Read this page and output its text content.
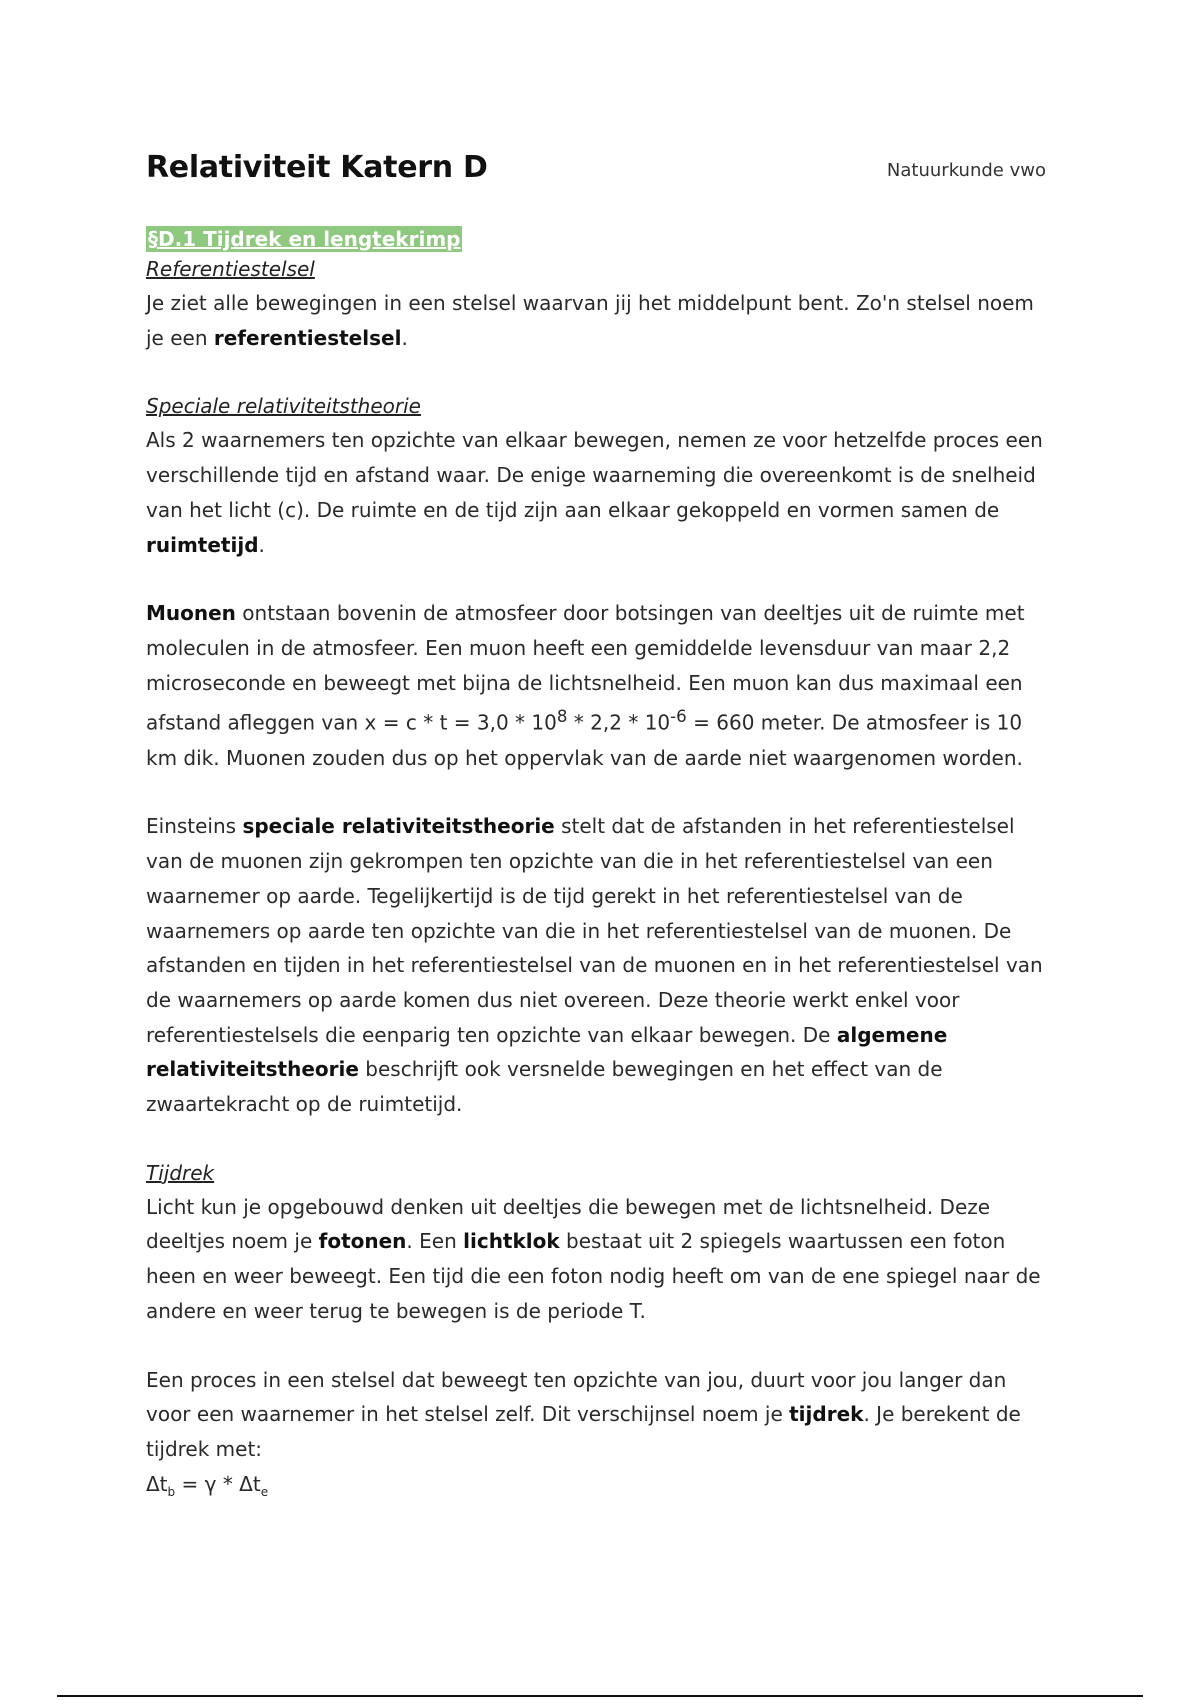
Relativiteit Katern D	Natuurkunde vwo
§D.1 Tijdrek en lengtekrimp

Referentiestelsel

Je ziet alle bewegingen in een stelsel waarvan jij het middelpunt bent. Zo'n stelsel noem je een referentiestelsel.

Speciale relativiteitstheorie

Als 2 waarnemers ten opzichte van elkaar bewegen, nemen ze voor hetzelfde proces een verschillende tijd en afstand waar. De enige waarneming die overeenkomt is de snelheid van het licht (c). De ruimte en de tijd zijn aan elkaar gekoppeld en vormen samen de ruimtetijd.

Muonen ontstaan bovenin de atmosfeer door botsingen van deeltjes uit de ruimte met moleculen in de atmosfeer. Een muon heeft een gemiddelde levensduur van maar 2,2 microseconde en beweegt met bijna de lichtsnelheid. Een muon kan dus maximaal een afstand afleggen van $x = c * t = 3,0 * 10^8 * 2,2 * 10^{-6} = 660$ meter. De atmosfeer is 10 km dik. Muonen zouden dus op het oppervlak van de aarde niet waargenomen worden.

Einsteins speciale relativiteitstheorie stelt dat de afstanden in het referentiestelsel van de muonen zijn gekrompen ten opzichte van die in het referentiestelsel van een waarnemer op aarde. Tegelijkertijd is de tijd gerekt in het referentiestelsel van de waarnemers op aarde ten opzichte van die in het referentiestelsel van de muonen. De afstanden en tijden in het referentiestelsel van de muonen en in het referentiestelsel van de waarnemers op aarde komen dus niet overeen. Deze theorie werkt enkel voor referentiestelsels die eenparig ten opzichte van elkaar bewegen. De algemene relativiteitstheorie beschrijft ook versnelde bewegingen en het effect van de zwaartekracht op de ruimtetijd.

Tijdrek

Licht kun je opgebouwd denken uit deeltjes die bewegen met de lichtsnelheid. Deze deeltjes noem je fotonen. Een lichtklok bestaat uit 2 spiegels waartussen een foton heen en weer beweegt. Een tijd die een foton nodig heeft om van de ene spiegel naar de andere en weer terug te bewegen is de periode T.

Een proces in een stelsel dat beweegt ten opzichte van jou, duurt voor jou langer dan voor een waarnemer in het stelsel zelf. Dit verschijnsel noem je tijdrek. Je berekent de tijdrek met:

$\Delta t_b = \gamma * \Delta t_e$
